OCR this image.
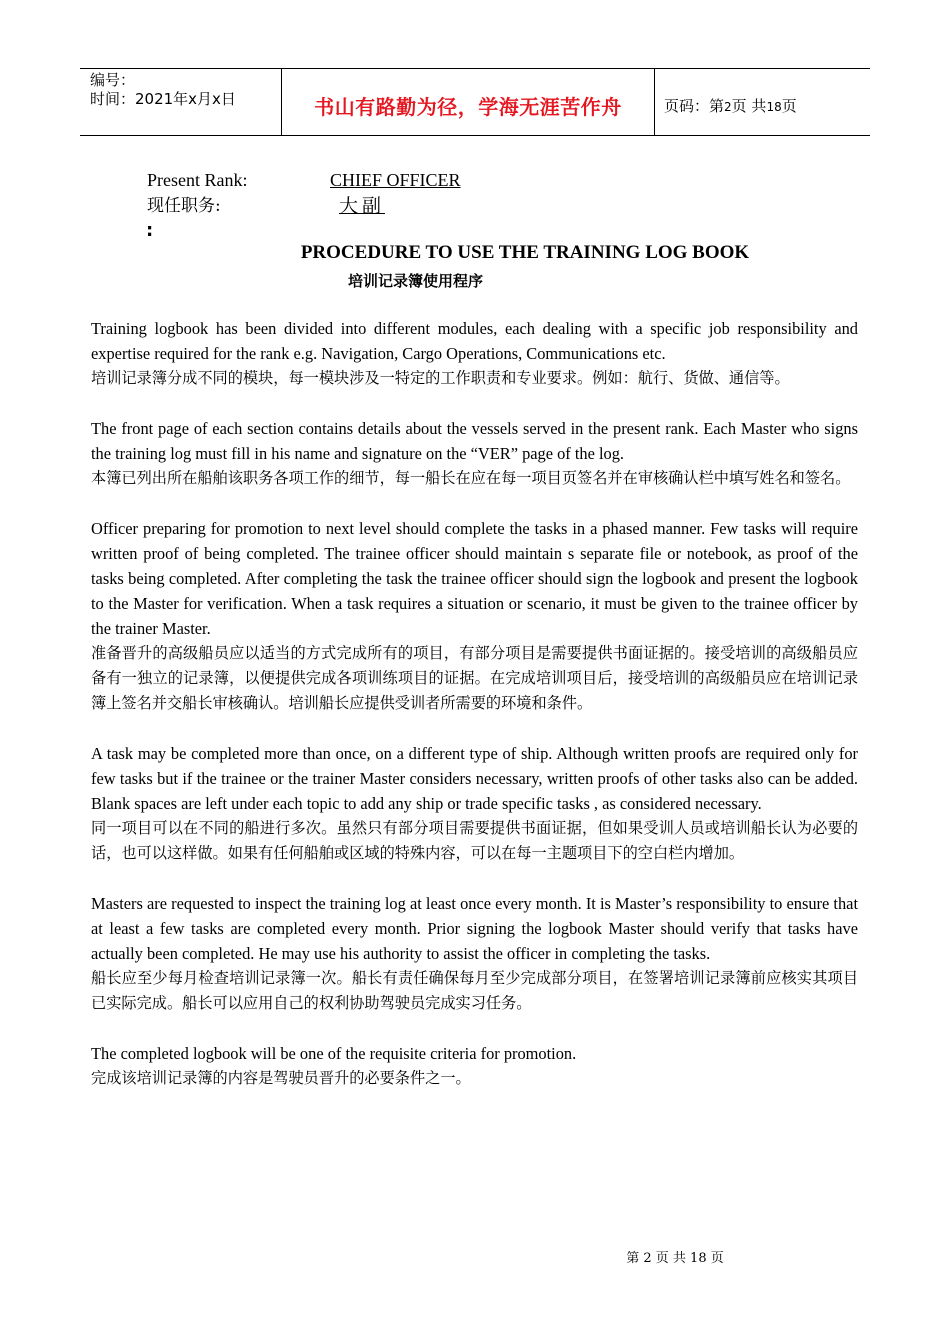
编号：
时间：2021年x月x日	书山有路勤为径，学海无涯苦作舟	页码：第2页 共18页
Present Rank:	CHIEF OFFICER
现任职务:	大副
:
PROCEDURE TO USE THE TRAINING LOG BOOK
培训记录簿使用程序

Training logbook has been divided into different modules, each dealing with a specific job responsibility and expertise required for the rank e.g. Navigation, Cargo Operations, Communications etc.

培训记录簿分成不同的模块，每一模块涉及一特定的工作职责和专业要求。例如：航行、货做、通信等。

The front page of each section contains details about the vessels served in the present rank. Each Master who signs the training log must fill in his name and signature on the “VER” page of the log.

本簿已列出所在船舶该职务各项工作的细节，每一船长在应在每一项目页签名并在审核确认栏中填写姓名和签名。

Officer preparing for promotion to next level should complete the tasks in a phased manner. Few tasks will require written proof of being completed. The trainee officer should maintain s separate file or notebook, as proof of the tasks being completed. After completing the task the trainee officer should sign the logbook and present the logbook to the Master for verification. When a task requires a situation or scenario, it must be given to the trainee officer by the trainer Master.

准备晋升的高级船员应以适当的方式完成所有的项目，有部分项目是需要提供书面证据的。接受培训的高级船员应备有一独立的记录簿，以便提供完成各项训练项目的证据。在完成培训项目后，接受培训的高级船员应在培训记录簿上签名并交船长审核确认。培训船长应提供受训者所需要的环境和条件。

A task may be completed more than once, on a different type of ship. Although written proofs are required only for few tasks but if the trainee or the trainer Master considers necessary, written proofs of other tasks also can be added. Blank spaces are left under each topic to add any ship or trade specific tasks , as considered necessary.

同一项目可以在不同的船进行多次。虽然只有部分项目需要提供书面证据，但如果受训人员或培训船长认为必要的话，也可以这样做。如果有任何船舶或区域的特殊内容，可以在每一主题项目下的空白栏内增加。

Masters are requested to inspect the training log at least once every month. It is Master’s responsibility to ensure that at least a few tasks are completed every month. Prior signing the logbook Master should verify that tasks have actually been completed. He may use his authority to assist the officer in completing the tasks.

船长应至少每月检查培训记录簿一次。船长有责任确保每月至少完成部分项目，在签署培训记录簿前应核实其项目已实际完成。船长可以应用自己的权利协助驾驶员完成实习任务。

The completed logbook will be one of the requisite criteria for promotion.

完成该培训记录簿的内容是驾驶员晋升的必要条件之一。

第 2 页 共 18 页
